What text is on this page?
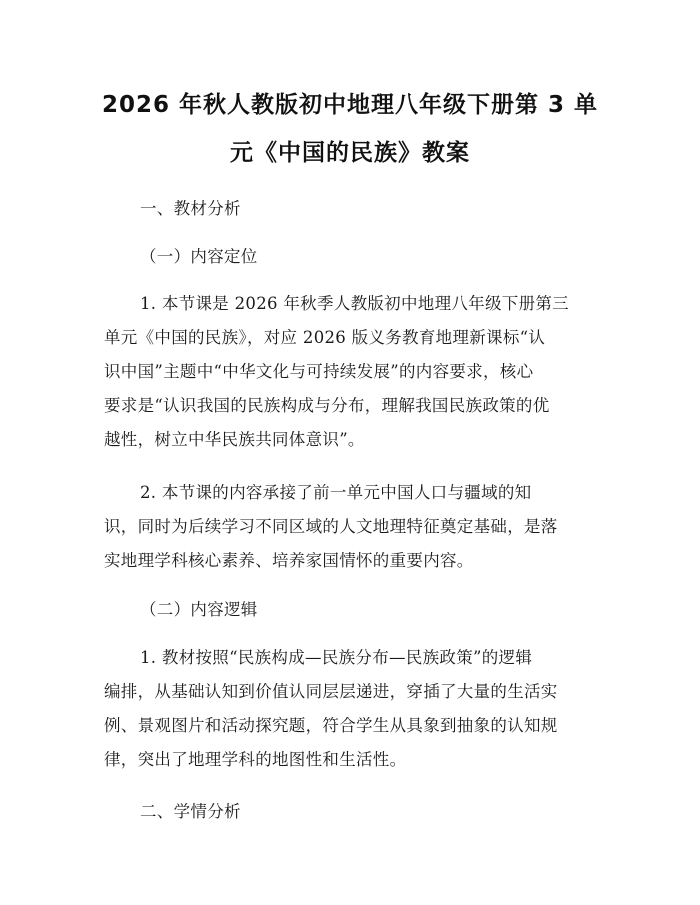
2026 年秋人教版初中地理八年级下册第 3 单
元《中国的民族》教案
一、教材分析
（一）内容定位
1. 本节课是 2026 年秋季人教版初中地理八年级下册第三
单元《中国的民族》，对应 2026 版义务教育地理新课标“认
识中国”主题中“中华文化与可持续发展”的内容要求，核心
要求是“认识我国的民族构成与分布，理解我国民族政策的优
越性，树立中华民族共同体意识”。
2. 本节课的内容承接了前一单元中国人口与疆域的知
识，同时为后续学习不同区域的人文地理特征奠定基础，是落
实地理学科核心素养、培养家国情怀的重要内容。
（二）内容逻辑
1. 教材按照“民族构成—民族分布—民族政策”的逻辑
编排，从基础认知到价值认同层层递进，穿插了大量的生活实
例、景观图片和活动探究题，符合学生从具象到抽象的认知规
律，突出了地理学科的地图性和生活性。
二、学情分析
